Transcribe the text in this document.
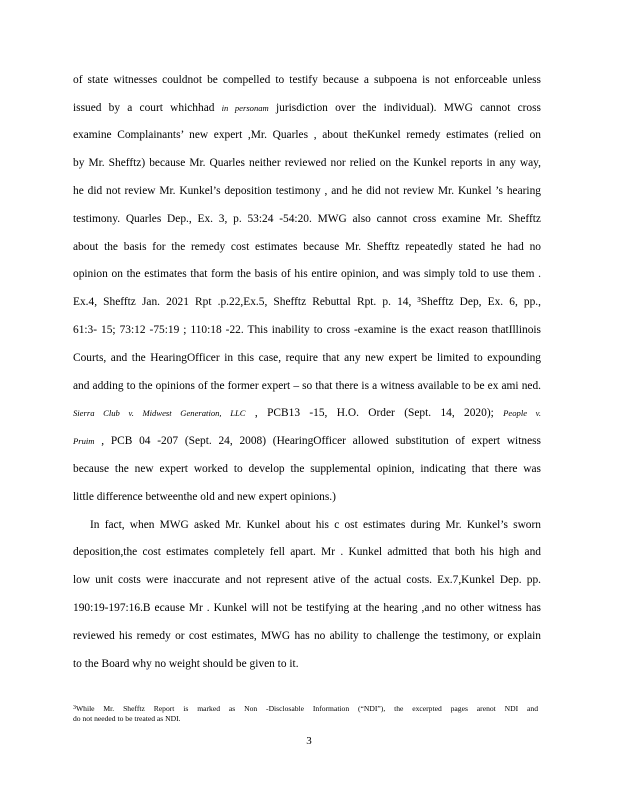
of state witnesses couldnot be compelled to testify because a subpoena is not enforceable unless
issued by a court whichhad in personam jurisdiction over the individual). MWG cannot cross
examine Complainants’ new expert ,Mr. Quarles , about theKunkel remedy estimates (relied on
by Mr. Shefftz) because Mr. Quarles neither reviewed nor relied on the Kunkel reports in any way,
he did not review Mr. Kunkel’s deposition testimony , and he did not review Mr. Kunkel ’s hearing
testimony. Quarles Dep., Ex. 3, p. 53:24 -54:20. MWG also cannot cross examine Mr. Shefftz
about the basis for the remedy cost estimates because Mr. Shefftz repeatedly stated he had no
opinion on the estimates that form the basis of his entire opinion, and was simply told to use them .
Ex.4, Shefftz Jan. 2021 Rpt .p.22,Ex.5, Shefftz Rebuttal Rpt. p. 14, ³Shefftz Dep, Ex. 6, pp.,
61:3- 15; 73:12 -75:19 ; 110:18 -22. This inability to cross -examine is the exact reason thatIllinois
Courts, and the HearingOfficer in this case, require that any new expert be limited to expounding
and adding to the opinions of the former expert – so that there is a witness available to be ex ami ned.
Sierra Club v. Midwest Generation, LLC , PCB13 -15, H.O. Order (Sept. 14, 2020); People v.
Pruim , PCB 04 -207 (Sept. 24, 2008) (HearingOfficer allowed substitution of expert witness
because the new expert worked to develop the supplemental opinion, indicating that there was
little difference betweenthe old and new expert opinions.)
In fact, when MWG asked Mr. Kunkel about his c ost estimates during Mr. Kunkel’s sworn
deposition,the cost estimates completely fell apart. Mr . Kunkel admitted that both his high and
low unit costs were inaccurate and not represent ative of the actual costs. Ex.7,Kunkel Dep. pp.
190:19-197:16.B ecause Mr . Kunkel will not be testifying at the hearing ,and no other witness has
reviewed his remedy or cost estimates, MWG has no ability to challenge the testimony, or explain
to the Board why no weight should be given to it.
$^3$While Mr. Shefftz Report is marked as Non -Disclosable Information (“NDI”), the excerpted pages arenot NDI and
do not needed to be treated as NDI.
3
